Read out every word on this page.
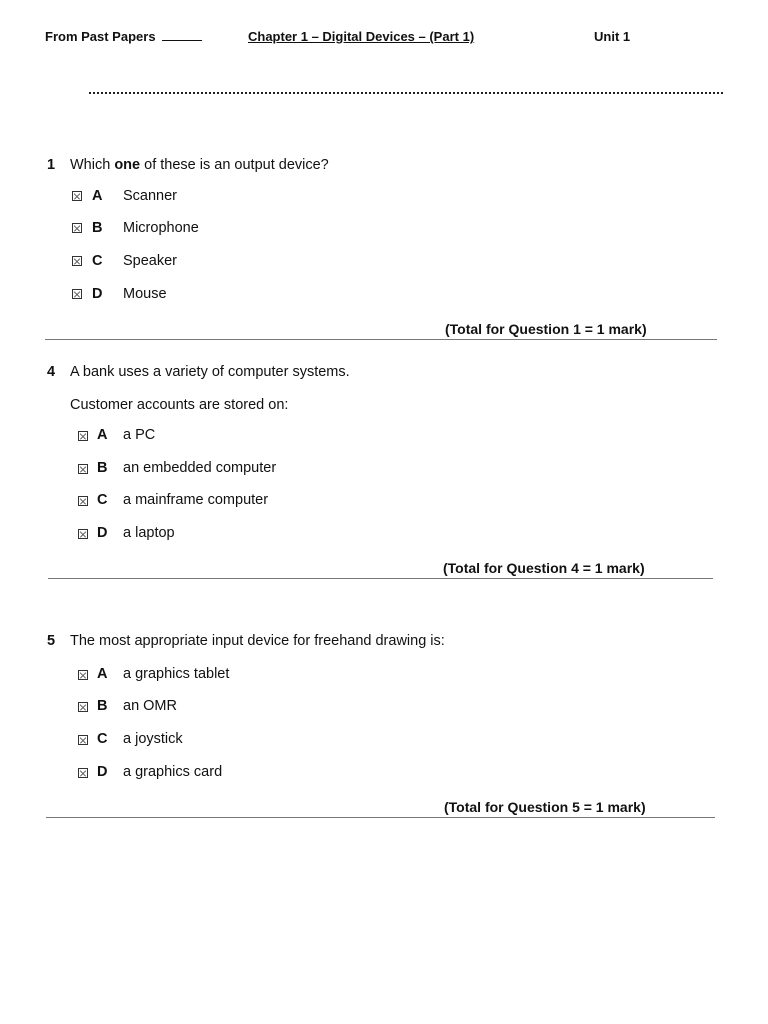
From Past Papers	Chapter 1 – Digital Devices – (Part 1)	Unit 1
1 Which one of these is an output device?
A Scanner
B Microphone
C Speaker
D Mouse
(Total for Question 1 = 1 mark)
4 A bank uses a variety of computer systems.
Customer accounts are stored on:
A a PC
B an embedded computer
C a mainframe computer
D a laptop
(Total for Question 4 = 1 mark)
5 The most appropriate input device for freehand drawing is:
A a graphics tablet
B an OMR
C a joystick
D a graphics card
(Total for Question 5 = 1 mark)
